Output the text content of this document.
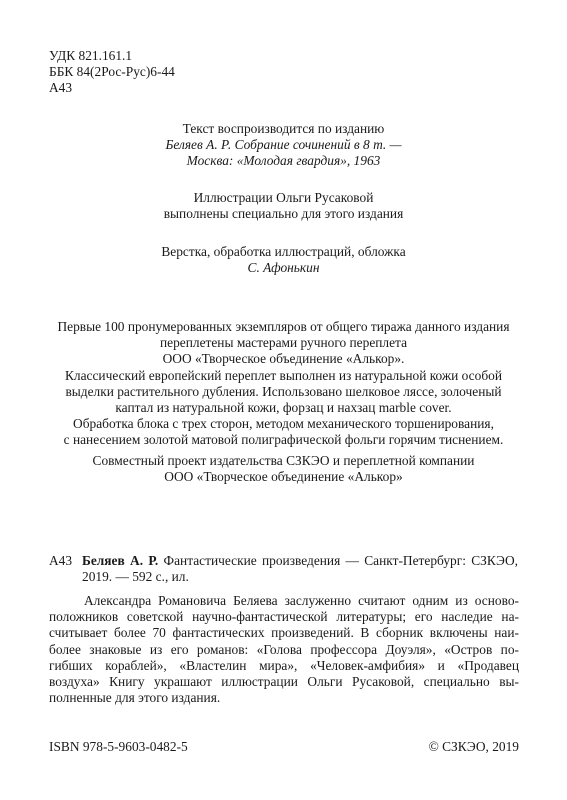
УДК 821.161.1
ББК 84(2Рос-Рус)6-44
А43
Текст воспроизводится по изданию
Беляев А. Р. Собрание сочинений в 8 т. —
Москва: «Молодая гвардия», 1963
Иллюстрации Ольги Русаковой
выполнены специально для этого издания
Верстка, обработка иллюстраций, обложка
С. Афонькин
Первые 100 пронумерованных экземпляров от общего тиража данного издания
переплетены мастерами ручного переплета
ООО «Творческое объединение «Алькор».
Классический европейский переплет выполнен из натуральной кожи особой
выделки растительного дубления. Использовано шелковое ляссе, золоченый
каптал из натуральной кожи, форзац и нахзац marble cover.
Обработка блока с трех сторон, методом механического торшенирования,
с нанесением золотой матовой полиграфической фольги горячим тиснением.
Совместный проект издательства СЗКЭО и переплетной компании
ООО «Творческое объединение «Алькор»
А43 Беляев А. Р. Фантастические произведения — Санкт-Петербург: СЗКЭО,
2019. — 592 с., ил.
Александра Романовича Беляева заслуженно считают одним из осново-
положников советской научно-фантастической литературы; его наследие на-
считывает более 70 фантастических произведений. В сборник включены наи-
более знаковые из его романов: «Голова профессора Доуэля», «Остров по-
гибших кораблей», «Властелин мира», «Человек-амфибия» и «Продавец
воздуха» Книгу украшают иллюстрации Ольги Русаковой, специально вы-
полненные для этого издания.
ISBN 978-5-9603-0482-5	© СЗКЭО, 2019
